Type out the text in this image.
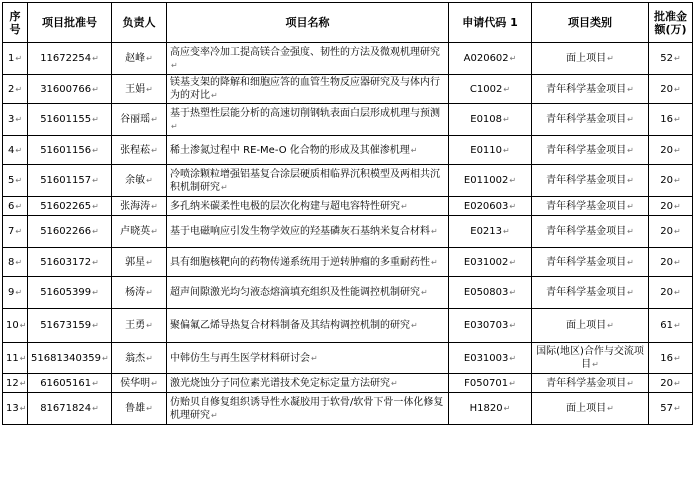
序号	项目批准号	负责人	项目名称	申请代码 1	项目类别	批准金额(万)
1↵	11672254↵	赵峰↵	高应变率冷加工提高镁合金强度、韧性的方法及微观机理研究↵	A020602↵	面上项目↵	52↵
2↵	31600766↵	王娟↵	镁基支架的降解和细胞应答的血管生物反应器研究及与体内行为的对比↵	C1002↵	青年科学基金项目↵	20↵
3↵	51601155↵	谷丽瑶↵	基于热塑性层能分析的高速切削钢轨表面白层形成机理与预测↵	E0108↵	青年科学基金项目↵	16↵
4↵	51601156↵	张程菘↵	稀土渗氮过程中 RE-Me-O 化合物的形成及其催渗机理↵	E0110↵	青年科学基金项目↵	20↵
5↵	51601157↵	余敏↵	冷喷涂颗粒增强铝基复合涂层硬质相临界沉积模型及两相共沉积机制研究↵	E011002↵	青年科学基金项目↵	20↵
6↵	51602265↵	张海涛↵	多孔纳米碳柔性电极的层次化构建与超电容特性研究↵	E020603↵	青年科学基金项目↵	20↵
7↵	51602266↵	卢晓英↵	基于电磁响应引发生物学效应的羟基磷灰石基纳米复合材料↵	E0213↵	青年科学基金项目↵	20↵
8↵	51603172↵	郭星↵	具有细胞核靶向的药物传递系统用于逆转肿瘤的多重耐药性↵	E031002↵	青年科学基金项目↵	20↵
9↵	51605399↵	杨涛↵	超声间隙激光均匀液态熔滴填充组织及性能调控机制研究↵	E050803↵	青年科学基金项目↵	20↵
10↵	51673159↵	王勇↵	聚偏氟乙烯导热复合材料制备及其结构调控机制的研究↵	E030703↵	面上项目↵	61↵
11↵	51681340359↵	翁杰↵	中韩仿生与再生医学材料研讨会↵	E031003↵	国际(地区)合作与交流项目↵	16↵
12↵	61605161↵	侯华明↵	激光烧蚀分子同位素光谱技术免定标定量方法研究↵	F050701↵	青年科学基金项目↵	20↵
13↵	81671824↵	鲁雄↵	仿贻贝自修复组织诱导性水凝胶用于软骨/软骨下骨一体化修复机理研究↵	H1820↵	面上项目↵	57↵
